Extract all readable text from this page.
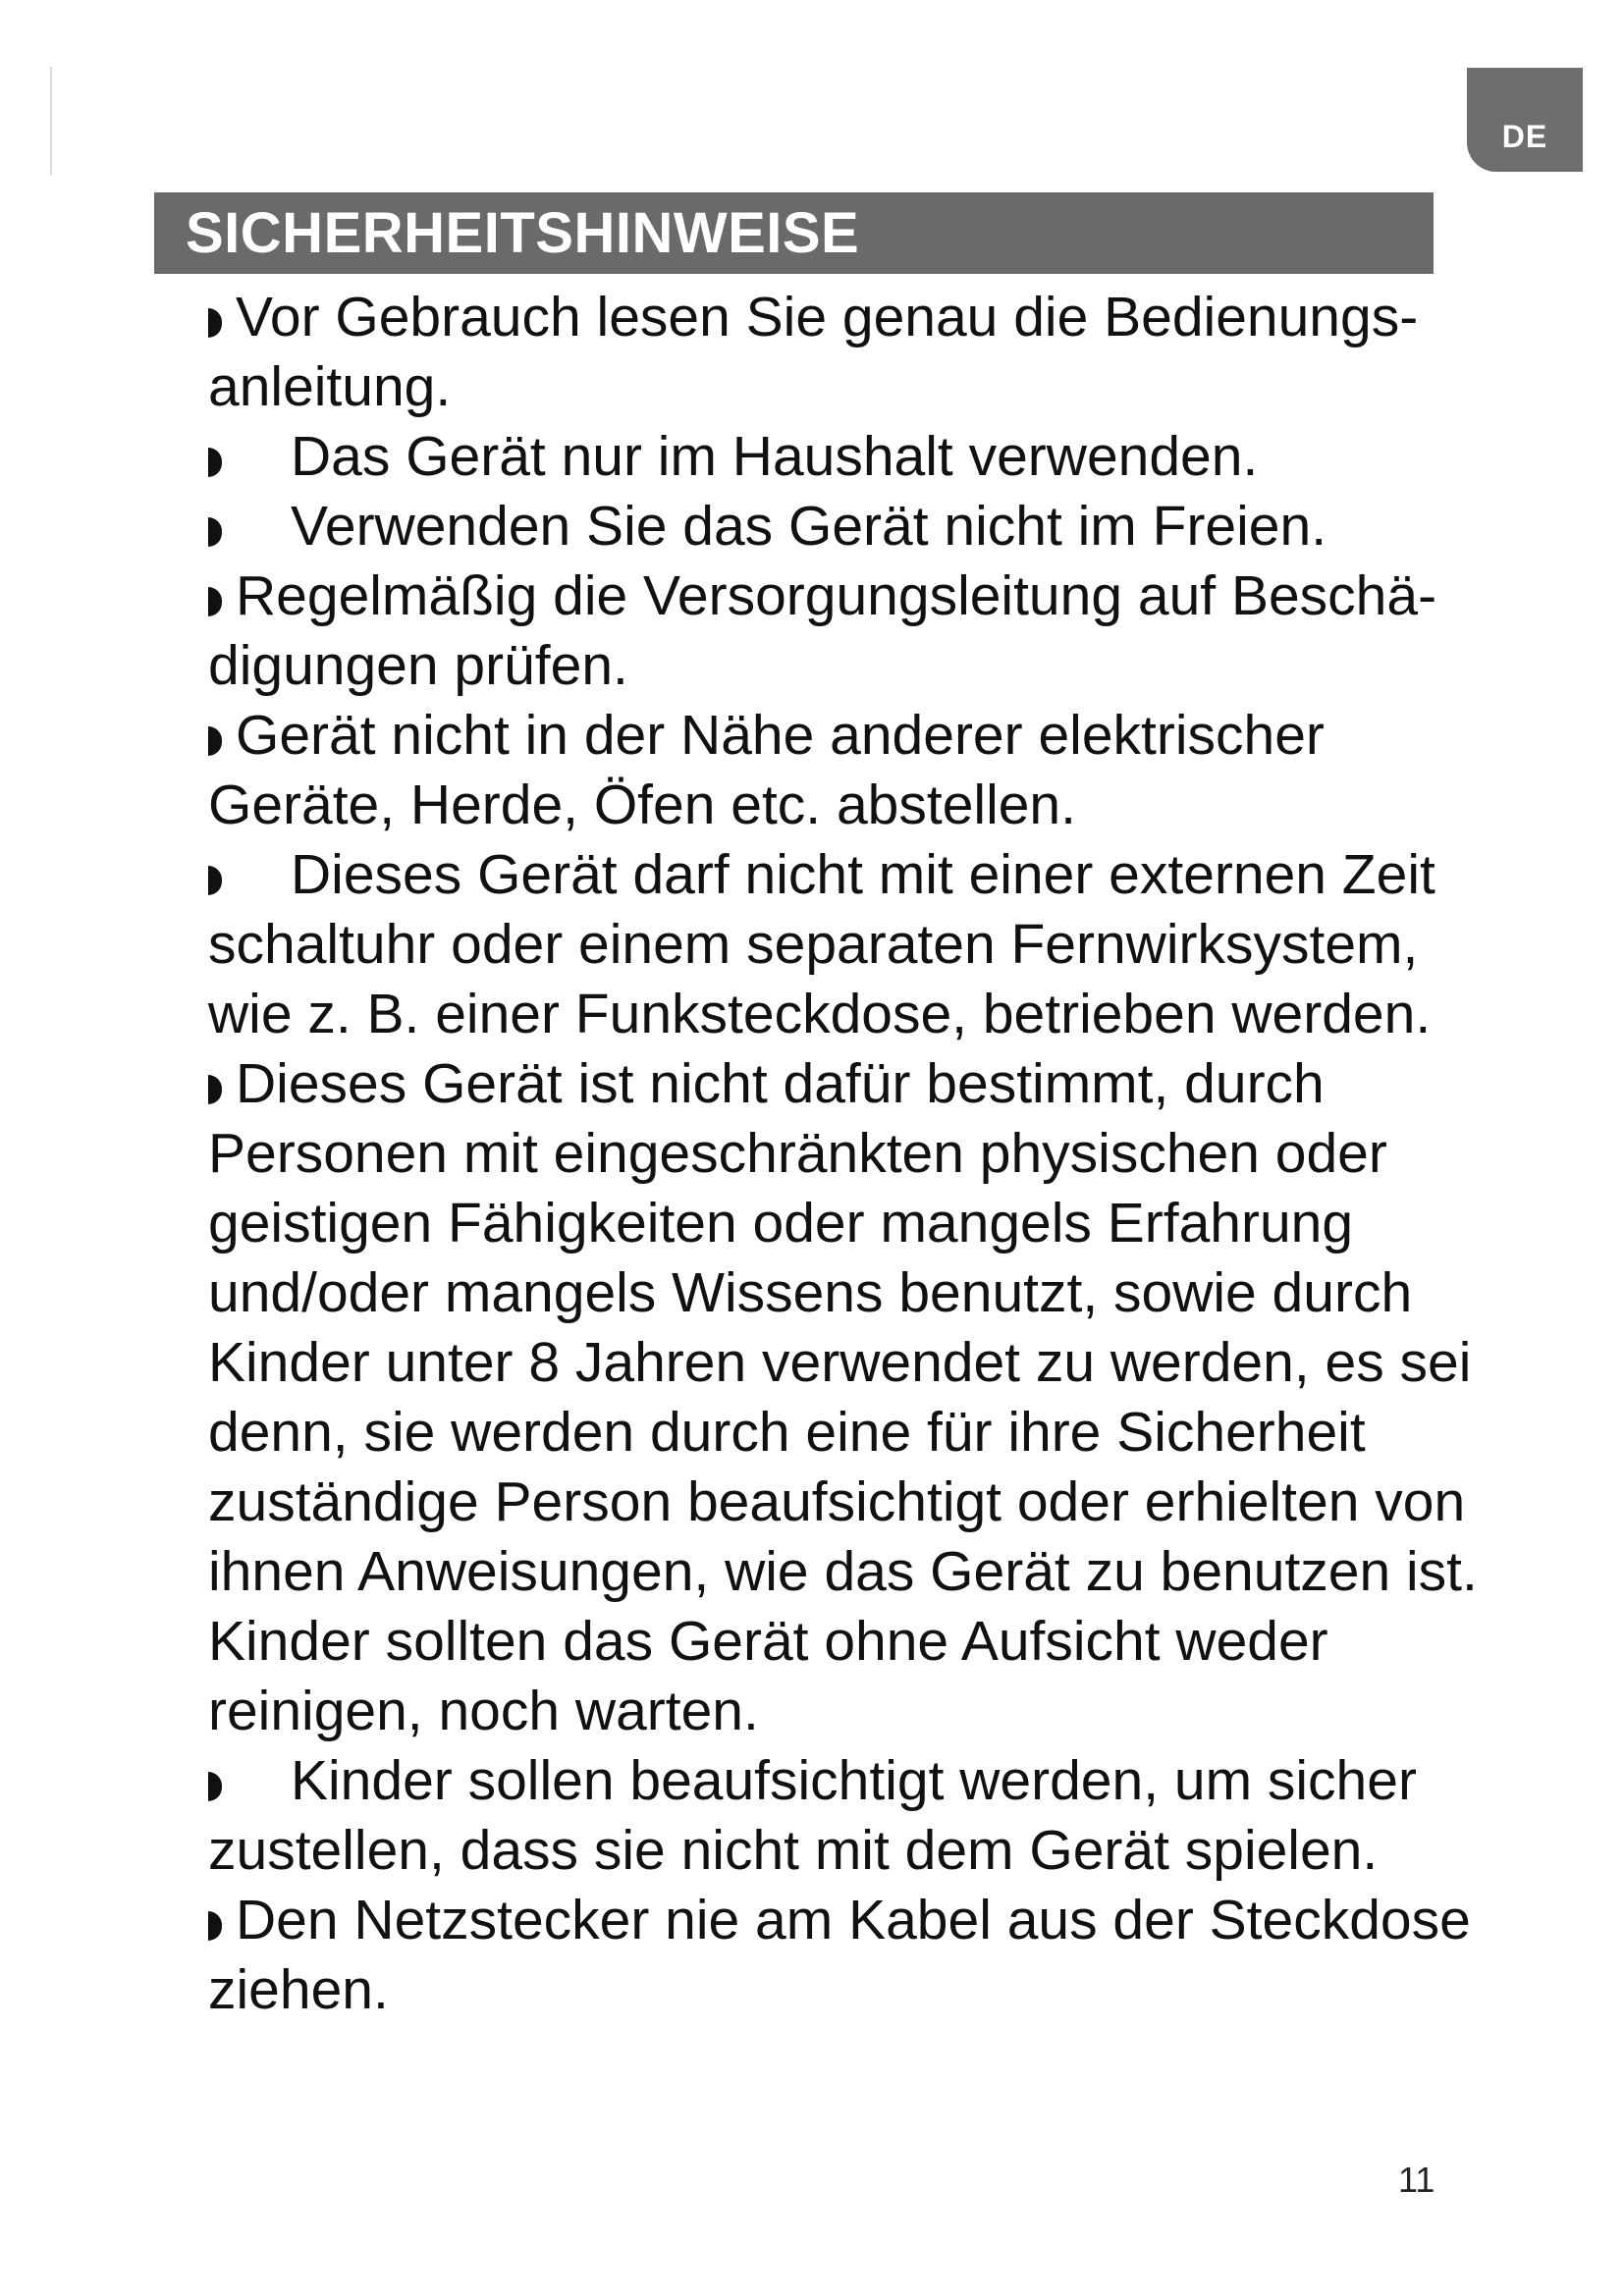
DE
SICHERHEITSHINWEISE

Vor Gebrauch lesen Sie genau die Bedienungsanleitung.

Das Gerät nur im Haushalt verwenden.

Verwenden Sie das Gerät nicht im Freien.

Regelmäßig die Versorgungsleitung auf Beschädigungen prüfen.

Gerät nicht in der Nähe anderer elektrischer Geräte, Herde, Öfen etc. abstellen.

Dieses Gerät darf nicht mit einer externen Zeit schaltuhr oder einem separaten Fernwirksystem, wie z. B. einer Funksteckdose, betrieben werden.

Dieses Gerät ist nicht dafür bestimmt, durch Personen mit eingeschränkten physischen oder geistigen Fähigkeiten oder mangels Erfahrung und/oder mangels Wissens benutzt, sowie durch Kinder unter 8 Jahren verwendet zu werden, es sei denn, sie werden durch eine für ihre Sicherheit zuständige Person beaufsichtigt oder erhielten von ihnen Anweisungen, wie das Gerät zu benutzen ist. Kinder sollten das Gerät ohne Aufsicht weder reinigen, noch warten.

Kinder sollen beaufsichtigt werden, um sicher zustellen, dass sie nicht mit dem Gerät spielen.

Den Netzstecker nie am Kabel aus der Steckdose ziehen.

11
